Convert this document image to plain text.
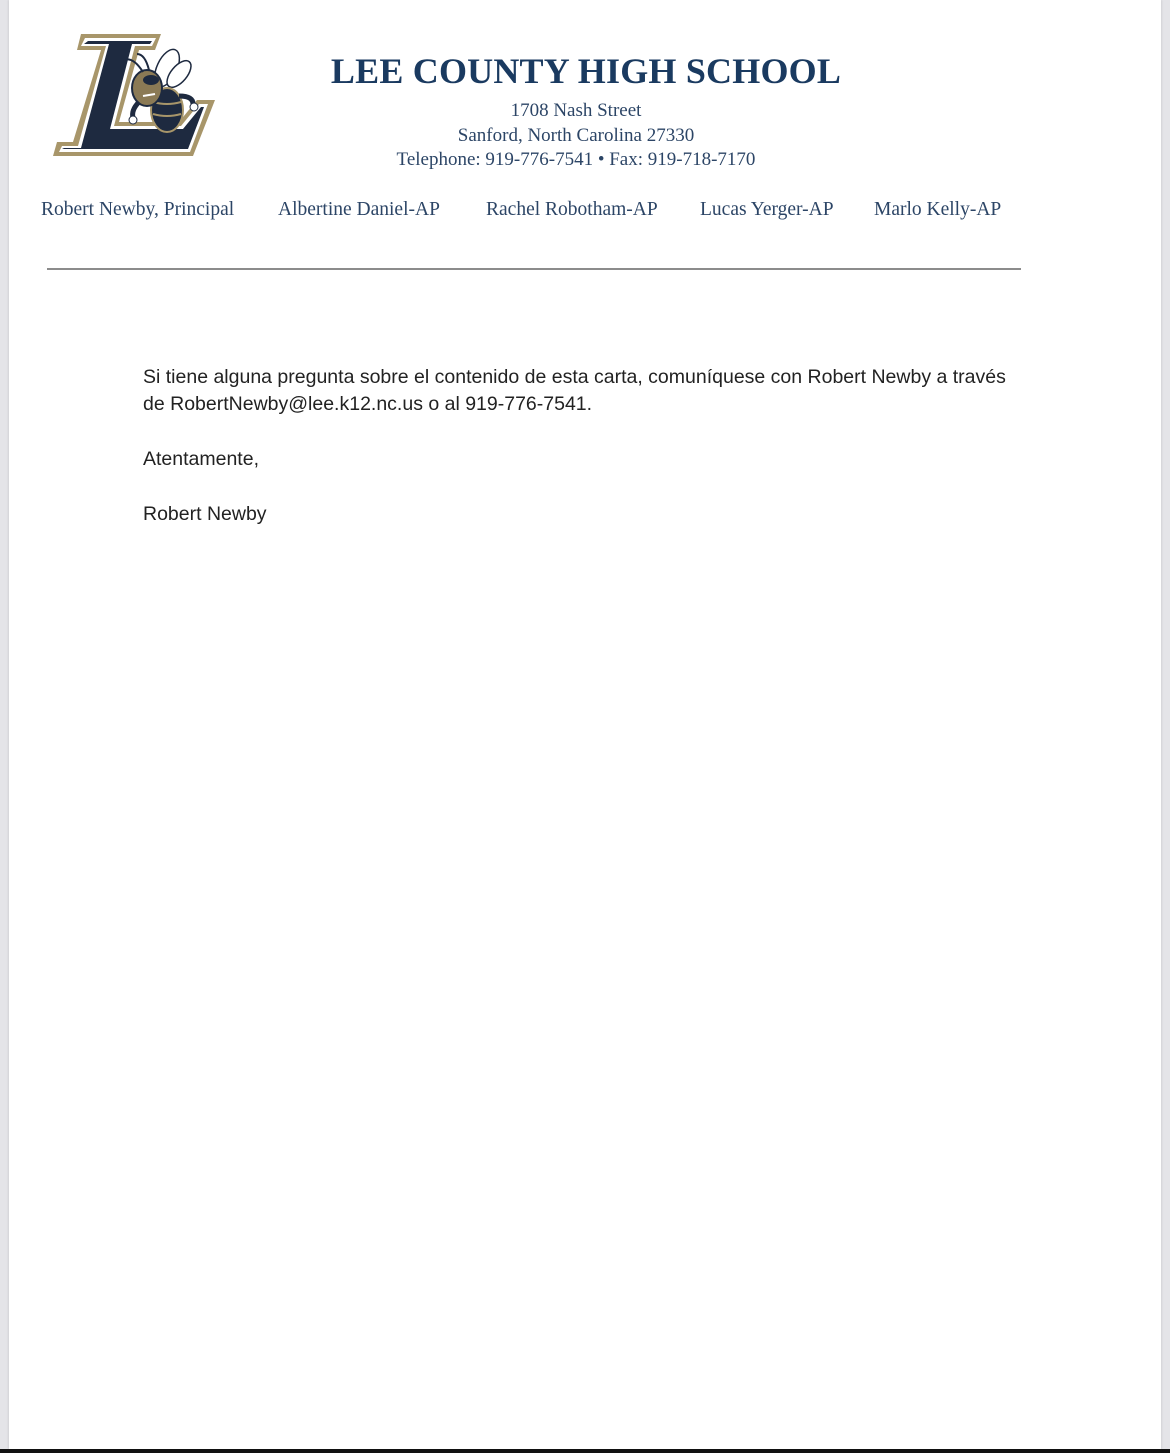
LEE COUNTY HIGH SCHOOL
1708 Nash Street
Sanford, North Carolina 27330
Telephone: 919-776-7541 • Fax: 919-718-7170
Robert Newby, Principal Albertine Daniel-AP Rachel Robotham-AP Lucas Yerger-AP Marlo Kelly-AP

Si tiene alguna pregunta sobre el contenido de esta carta, comuníquese con Robert Newby a través de RobertNewby@lee.k12.nc.us o al 919-776-7541.

Atentamente,

Robert Newby
